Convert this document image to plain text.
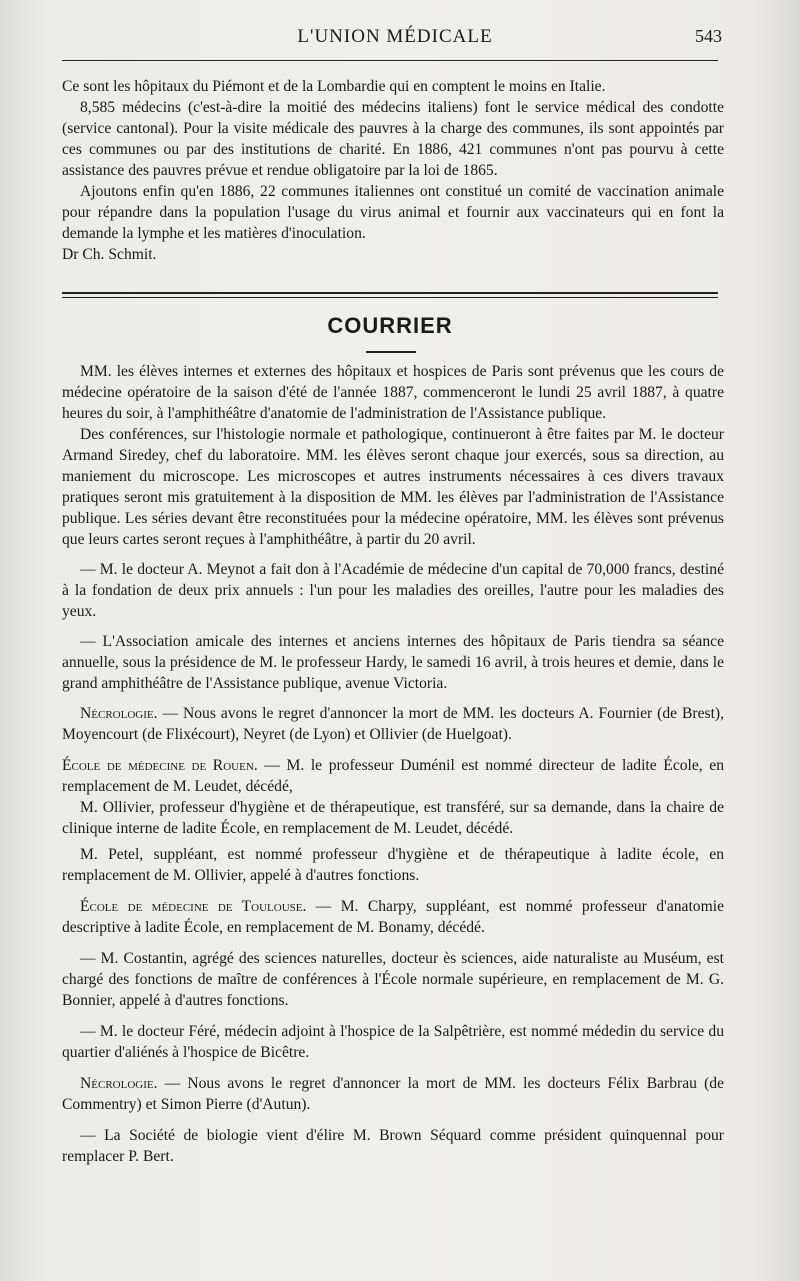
L'UNION MÉDICALE	543

Ce sont les hôpitaux du Piémont et de la Lombardie qui en comptent le moins en Italie.

8,585 médecins (c'est-à-dire la moitié des médecins italiens) font le service médical des condotte (service cantonal). Pour la visite médicale des pauvres à la charge des communes, ils sont appointés par ces communes ou par des institutions de charité. En 1886, 421 communes n'ont pas pourvu à cette assistance des pauvres prévue et rendue obligatoire par la loi de 1865.

Ajoutons enfin qu'en 1886, 22 communes italiennes ont constitué un comité de vaccination animale pour répandre dans la population l'usage du virus animal et fournir aux vaccinateurs qui en font la demande la lymphe et les matières d'inoculation.

Dr Ch. Schmit.

COURRIER

MM. les élèves internes et externes des hôpitaux et hospices de Paris sont prévenus que les cours de médecine opératoire de la saison d'été de l'année 1887, commenceront le lundi 25 avril 1887, à quatre heures du soir, à l'amphithéâtre d'anatomie de l'administration de l'Assistance publique.

Des conférences, sur l'histologie normale et pathologique, continueront à être faites par M. le docteur Armand Siredey, chef du laboratoire. MM. les élèves seront chaque jour exercés, sous sa direction, au maniement du microscope. Les microscopes et autres instruments nécessaires à ces divers travaux pratiques seront mis gratuitement à la disposition de MM. les élèves par l'administration de l'Assistance publique. Les séries devant être reconstituées pour la médecine opératoire, MM. les élèves sont prévenus que leurs cartes seront reçues à l'amphithéâtre, à partir du 20 avril.

— M. le docteur A. Meynot a fait don à l'Académie de médecine d'un capital de 70,000 francs, destiné à la fondation de deux prix annuels : l'un pour les maladies des oreilles, l'autre pour les maladies des yeux.

— L'Association amicale des internes et anciens internes des hôpitaux de Paris tiendra sa séance annuelle, sous la présidence de M. le professeur Hardy, le samedi 16 avril, à trois heures et demie, dans le grand amphithéâtre de l'Assistance publique, avenue Victoria.

Nécrologie. — Nous avons le regret d'annoncer la mort de MM. les docteurs A. Fournier (de Brest), Moyencourt (de Flixécourt), Neyret (de Lyon) et Ollivier (de Huelgoat).

École de médecine de Rouen. — M. le professeur Duménil est nommé directeur de ladite École, en remplacement de M. Leudet, décédé,

M. Ollivier, professeur d'hygiène et de thérapeutique, est transféré, sur sa demande, dans la chaire de clinique interne de ladite École, en remplacement de M. Leudet, décédé.

M. Petel, suppléant, est nommé professeur d'hygiène et de thérapeutique à ladite école, en remplacement de M. Ollivier, appelé à d'autres fonctions.

École de médecine de Toulouse. — M. Charpy, suppléant, est nommé professeur d'anatomie descriptive à ladite École, en remplacement de M. Bonamy, décédé.

— M. Costantin, agrégé des sciences naturelles, docteur ès sciences, aide naturaliste au Muséum, est chargé des fonctions de maître de conférences à l'École normale supérieure, en remplacement de M. G. Bonnier, appelé à d'autres fonctions.

— M. le docteur Féré, médecin adjoint à l'hospice de la Salpêtrière, est nommé médedin du service du quartier d'aliénés à l'hospice de Bicêtre.

Nécrologie. — Nous avons le regret d'annoncer la mort de MM. les docteurs Félix Barbrau (de Commentry) et Simon Pierre (d'Autun).

— La Société de biologie vient d'élire M. Brown Séquard comme président quinquennal pour remplacer P. Bert.
